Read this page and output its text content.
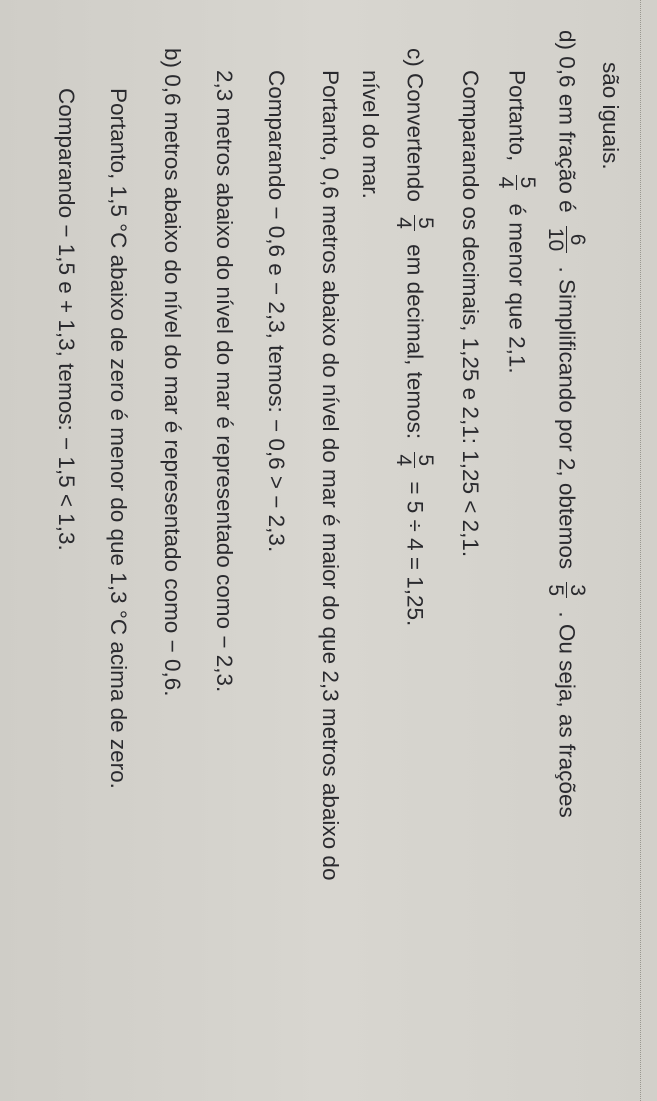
Comparando − 1,5 e + 1,3, temos: − 1,5 < 1,3. Portanto, 1,5 °C abaixo de zero é menor do que 1,3 °C acima de zero. b) 0,6 metros abaixo do nível do mar é representado como − 0,6. 2,3 metros abaixo do nível do mar é representado como − 2,3. Comparando − 0,6 e − 2,3, temos: − 0,6 > − 2,3. Portanto, 0,6 metros abaixo do nível do mar é maior do que 2,3 metros abaixo do nível do mar. c) Convertendo
5
4
em decimal, temos:
5
4
= 5 ÷ 4 = 1,25.	Comparando os decimais, 1,25 e 2,1: 1,25 < 2,1. Portanto,
5
4
é menor que 2,1.
d) 0,6 em fração é
6
10
. Simplificando por 2, obtemos
3
5
. Ou seja, as frações
são iguais.
